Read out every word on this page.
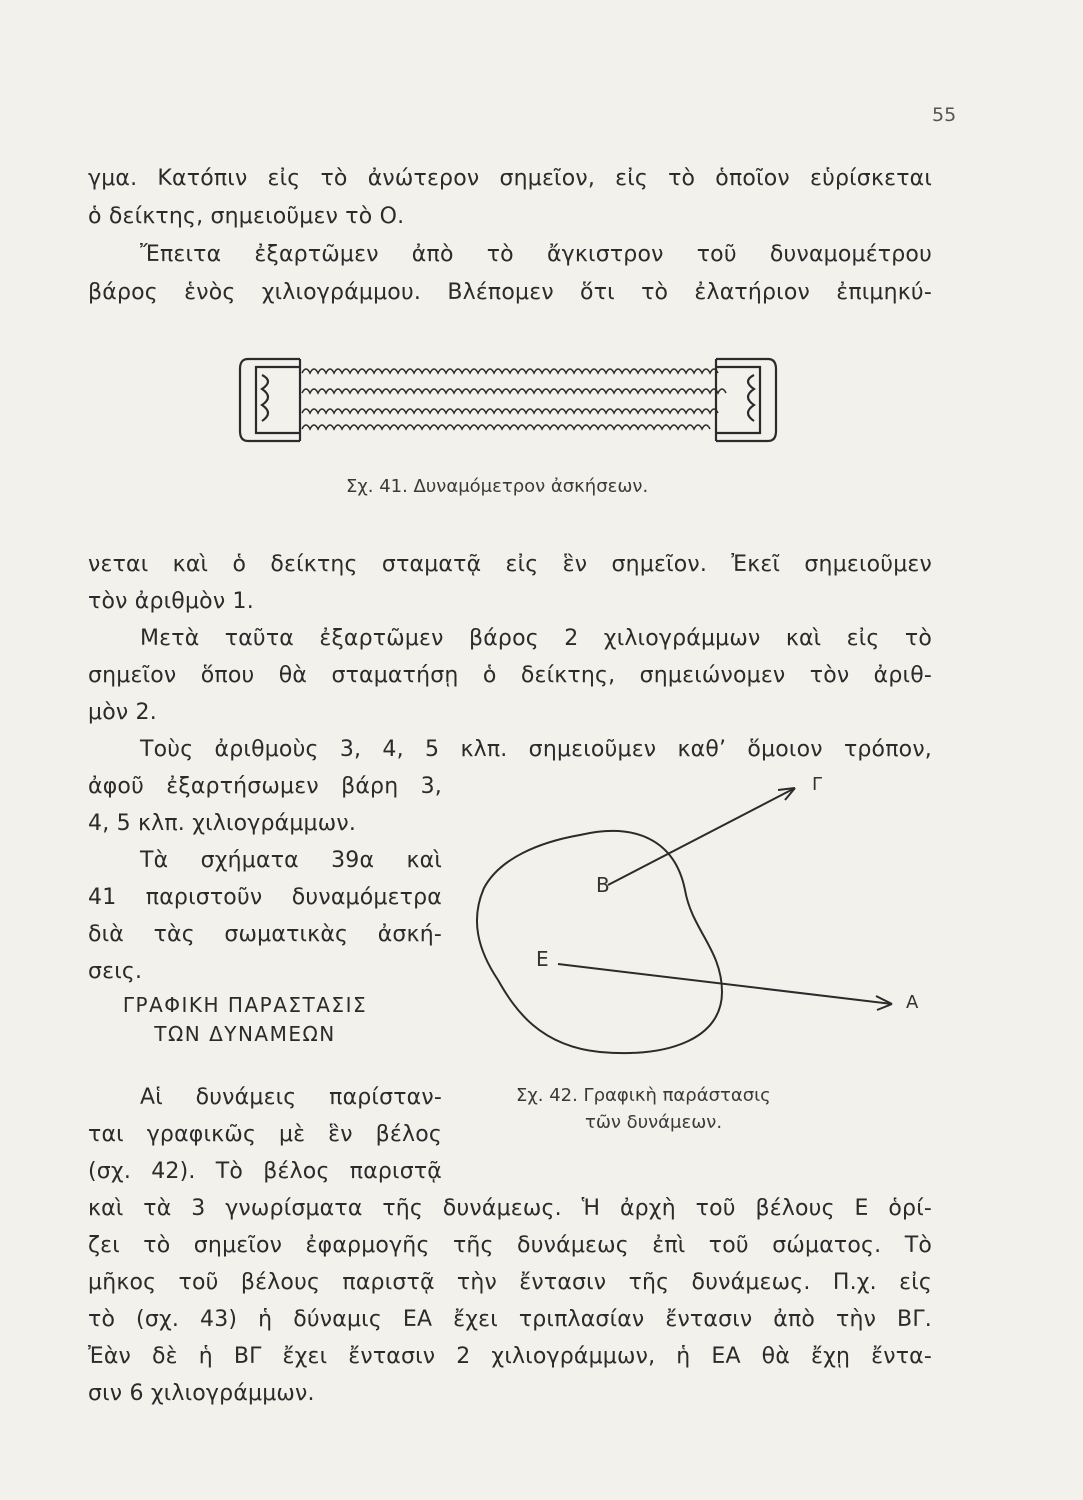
55
γμα. Κατόπιν εἰς τὸ ἀνώτερον σημεῖον, εἰς τὸ ὁποῖον εὑρίσκεται
ὁ δείκτης, σημειοῦμεν τὸ Ο.
Ἔπειτα ἐξαρτῶμεν ἀπὸ τὸ ἄγκιστρον τοῦ δυναμομέτρου
βάρος ἑνὸς χιλιογράμμου. Βλέπομεν ὅτι τὸ ἐλατήριον ἐπιμηκύ-
Σχ. 41. Δυναμόμετρον ἀσκήσεων.
νεται καὶ ὁ δείκτης σταματᾷ εἰς ἓν σημεῖον. Ἐκεῖ σημειοῦμεν
τὸν ἀριθμὸν 1.
Μετὰ ταῦτα ἐξαρτῶμεν βάρος 2 χιλιογράμμων καὶ εἰς τὸ
σημεῖον ὅπου θὰ σταματήσῃ ὁ δείκτης, σημειώνομεν τὸν ἀριθ-
μὸν 2.
Τοὺς ἀριθμοὺς 3, 4, 5 κλπ. σημειοῦμεν καθ’ ὅμοιον τρόπον,
ἀφοῦ ἐξαρτήσωμεν βάρη 3,
4, 5 κλπ. χιλιογράμμων.
Τὰ σχήματα 39α καὶ
41 παριστοῦν δυναμόμετρα
διὰ τὰς σωματικὰς ἀσκή-
σεις.
ΓΡΑΦΙΚΗ ΠΑΡΑΣΤΑΣΙΣ
ΤΩΝ ΔΥΝΑΜΕΩΝ
Β
Γ
Ε
Α
Σχ. 42. Γραφικὴ παράστασις
τῶν δυνάμεων.
Αἱ δυνάμεις παρίσταν-
ται γραφικῶς μὲ ἓν βέλος
(σχ. 42). Τὸ βέλος παριστᾷ
καὶ τὰ 3 γνωρίσματα τῆς δυνάμεως. Ἡ ἀρχὴ τοῦ βέλους Ε ὁρί-
ζει τὸ σημεῖον ἐφαρμογῆς τῆς δυνάμεως ἐπὶ τοῦ σώματος. Τὸ
μῆκος τοῦ βέλους παριστᾷ τὴν ἔντασιν τῆς δυνάμεως. Π.χ. εἰς
τὸ (σχ. 43) ἡ δύναμις ΕΑ ἔχει τριπλασίαν ἔντασιν ἀπὸ τὴν ΒΓ.
Ἐὰν δὲ ἡ ΒΓ ἔχει ἔντασιν 2 χιλιογράμμων, ἡ ΕΑ θὰ ἔχῃ ἔντα-
σιν 6 χιλιογράμμων.
